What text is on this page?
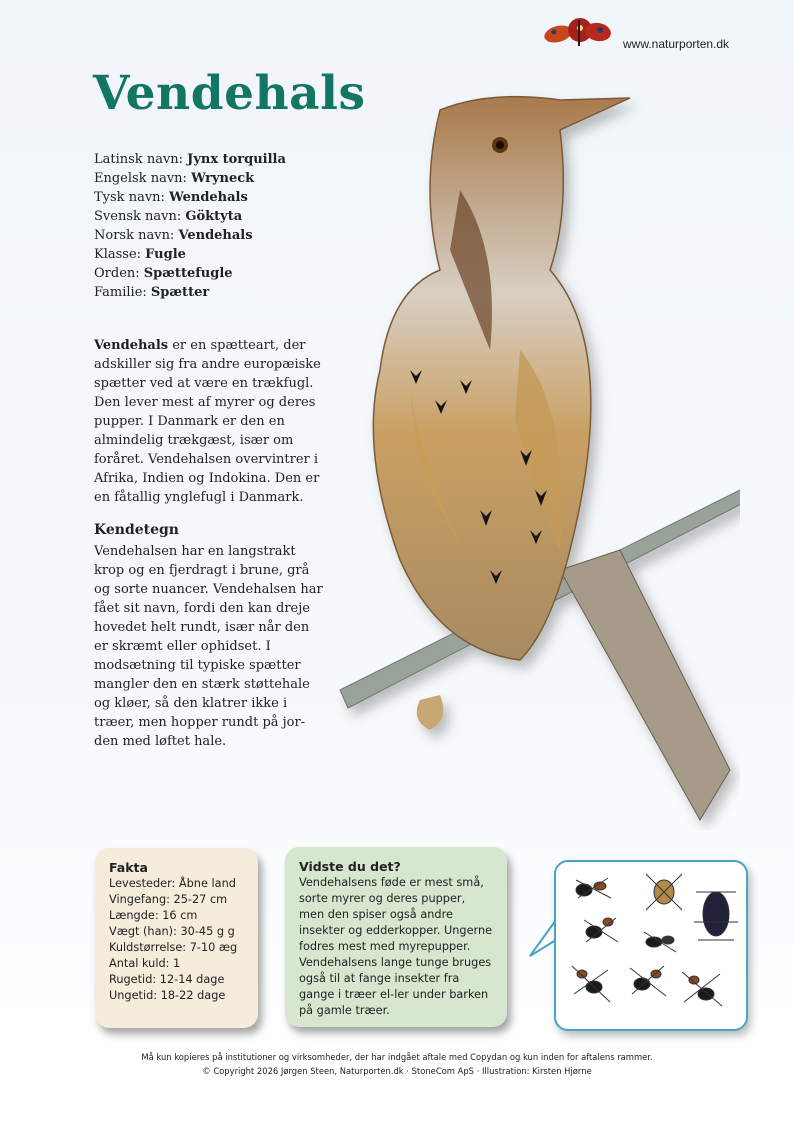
www.naturporten.dk
Vendehals
Latinsk navn: Jynx torquilla
Engelsk navn: Wryneck
Tysk navn: Wendehals
Svensk navn: Göktyta
Norsk navn: Vendehals
Klasse: Fugle
Orden: Spættefugle
Familie: Spætter
Vendehals er en spætteart, der adskiller sig fra andre europæiske spætter ved at være en trækfugl. Den lever mest af myrer og deres pupper. I Danmark er den en almindelig trækgæst, især om foråret. Vendehalsen overvintrer i Afrika, Indien og Indokina. Den er en fåtallig ynglefugl i Danmark.
Kendetegn
Vendehalsen har en langstrakt krop og en fjerdragt i brune, grå og sorte nuancer. Vendehalsen har fået sit navn, fordi den kan dreje hovedet helt rundt, især når den er skræmt eller ophidset. I modsætning til typiske spætter mangler den en stærk støttehale og kløer, så den klatrer ikke i træer, men hopper rundt på jor-den med løftet hale.
Fakta
Levesteder: Åbne land
Vingefang: 25-27 cm
Længde: 16 cm
Vægt (han): 30-45 g g
Kuldstørrelse: 7-10 æg
Antal kuld: 1
Rugetid: 12-14 dage
Ungetid: 18-22 dage
Vidste du det?
Vendehalsens føde er mest små, sorte myrer og deres pupper, men den spiser også andre insekter og edderkopper. Ungerne fodres mest med myrepupper. Vendehalsens lange tunge bruges også til at fange insekter fra gange i træer el-ler under barken på gamle træer.
Må kun kopieres på institutioner og virksomheder, der har indgået aftale med Copydan og kun inden for aftalens rammer.
© Copyright 2026 Jørgen Steen, Naturporten.dk · StoneCom ApS · Illustration: Kirsten Hjørne
